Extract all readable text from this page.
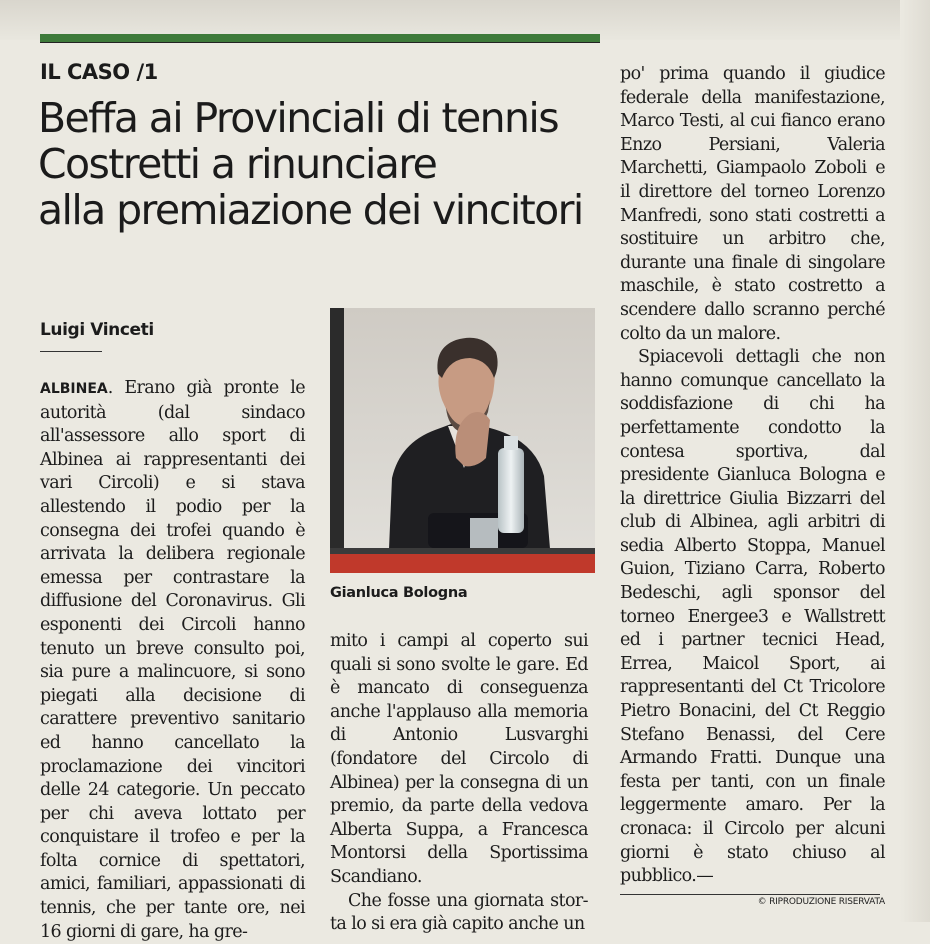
IL CASO /1
Beffa ai Provinciali di tennis
Costretti a rinunciare
alla premiazione dei vincitori
Luigi Vinceti

ALBINEA. Erano già pronte le autorità (dal sindaco all'assessore allo sport di Albinea ai rappresentanti dei vari Circoli) e si stava allestendo il podio per la consegna dei trofei quando è arrivata la delibera regionale emessa per contrastare la diffusione del Coronavirus. Gli esponenti dei Circoli hanno tenuto un breve consulto poi, sia pure a malincuore, si sono piegati alla decisione di carattere preventivo sanitario ed hanno cancellato la proclamazione dei vincitori delle 24 categorie. Un peccato per chi aveva lottato per conquistare il trofeo e per la folta cornice di spettatori, amici, familiari, appassionati di tennis, che per tante ore, nei 16 giorni di gare, ha gre-

Gianluca Bologna

mito i campi al coperto sui quali si sono svolte le gare. Ed è mancato di conseguenza anche l'applauso alla memoria di Antonio Lusvarghi (fondatore del Circolo di Albinea) per la consegna di un premio, da parte della vedova Alberta Suppa, a Francesca Montorsi della Sportissima Scandiano.

Che fosse una giornata stor-ta lo si era già capito anche un

po' prima quando il giudice federale della manifestazione, Marco Testi, al cui fianco erano Enzo Persiani, Valeria Marchetti, Giampaolo Zoboli e il direttore del torneo Lorenzo Manfredi, sono stati costretti a sostituire un arbitro che, durante una finale di singolare maschile, è stato costretto a scendere dallo scranno perché colto da un malore.

Spiacevoli dettagli che non hanno comunque cancellato la soddisfazione di chi ha perfettamente condotto la contesa sportiva, dal presidente Gianluca Bologna e la direttrice Giulia Bizzarri del club di Albinea, agli arbitri di sedia Alberto Stoppa, Manuel Guion, Tiziano Carra, Roberto Bedeschi, agli sponsor del torneo Energee3 e Wallstrett ed i partner tecnici Head, Errea, Maicol Sport, ai rappresentanti del Ct Tricolore Pietro Bonacini, del Ct Reggio Stefano Benassi, del Cere Armando Fratti. Dunque una festa per tanti, con un finale leggermente amaro. Per la cronaca: il Circolo per alcuni giorni è stato chiuso al pubblico.—

© RIPRODUZIONE RISERVATA
